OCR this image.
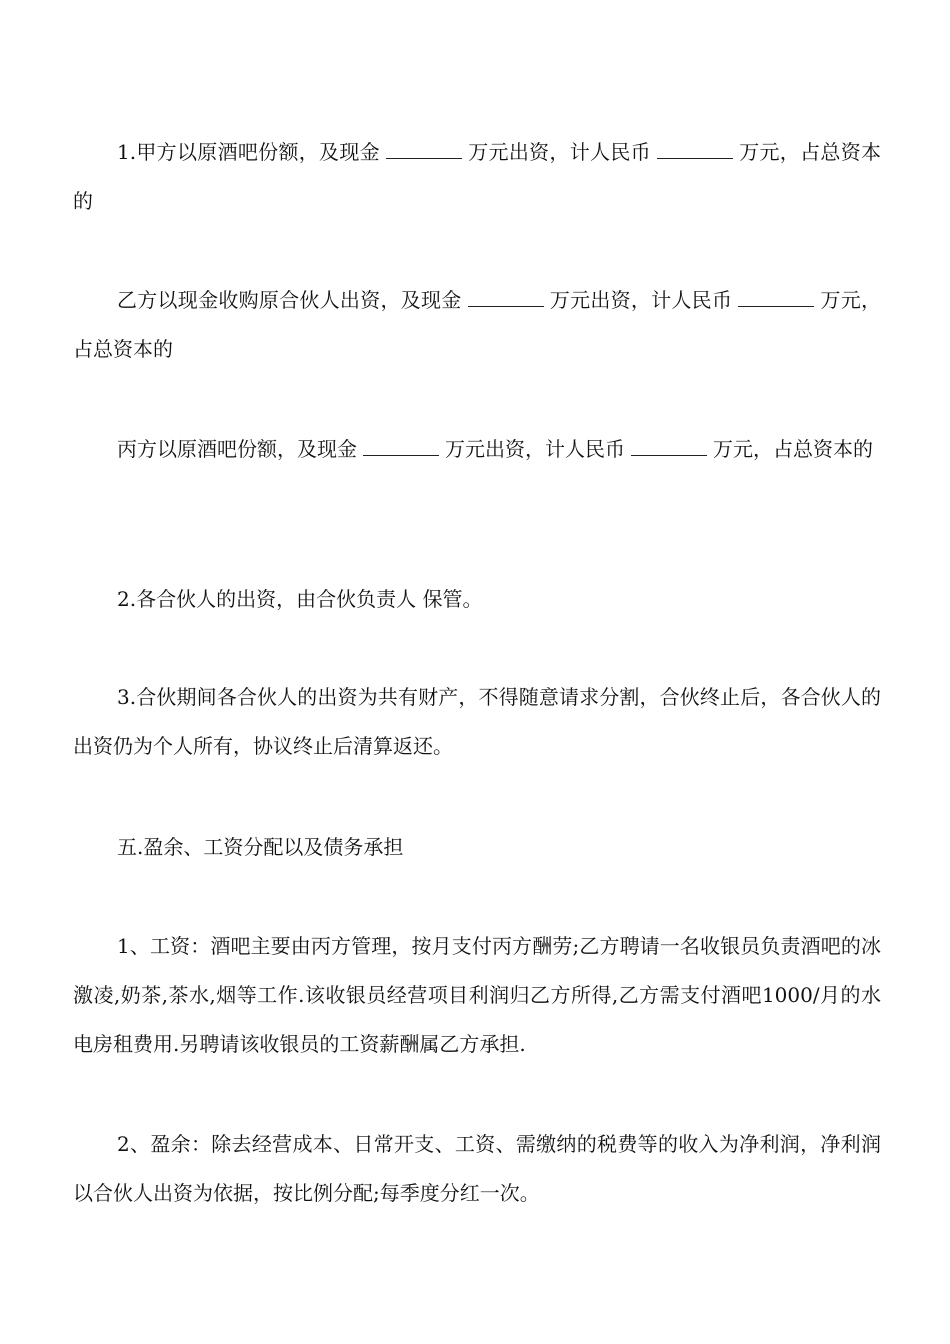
1.甲方以原酒吧份额，及现金	万元出资，计人民币	万元，占总资本的

乙方以现金收购原合伙人出资，及现金	万元出资，计人民币	万元，占总资本的

丙方以原酒吧份额，及现金	万元出资，计人民币	万元，占总资本的

2.各合伙人的出资，由合伙负责人 保管。

3.合伙期间各合伙人的出资为共有财产，不得随意请求分割，合伙终止后，各合伙人的出资仍为个人所有，协议终止后清算返还。

五.盈余、工资分配以及债务承担

1、工资：酒吧主要由丙方管理，按月支付丙方酬劳;乙方聘请一名收银员负责酒吧的冰激凌,奶茶,茶水,烟等工作.该收银员经营项目利润归乙方所得,乙方需支付酒吧1000/月的水电房租费用.另聘请该收银员的工资薪酬属乙方承担.

2、盈余：除去经营成本、日常开支、工资、需缴纳的税费等的收入为净利润，净利润以合伙人出资为依据，按比例分配;每季度分红一次。
